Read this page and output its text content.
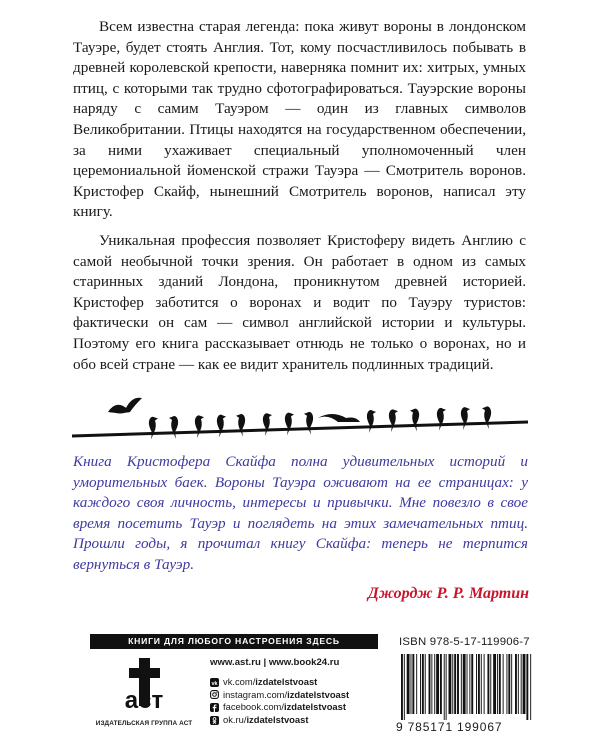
Всем известна старая легенда: пока живут вороны в лондонском Тауэре, будет стоять Англия. Тот, кому посчастливилось побывать в древней королевской крепости, наверняка помнит их: хитрых, умных птиц, с которыми так трудно сфотографироваться. Тауэрские вороны наряду с самим Тауэром — один из главных символов Великобритании. Птицы находятся на государственном обеспечении, за ними ухаживает специальный уполномоченный член церемониальной йоменской стражи Тауэра — Смотритель воронов. Кристофер Скайф, нынешний Смотритель воронов, написал эту книгу.

Уникальная профессия позволяет Кристоферу видеть Англию с самой необычной точки зрения. Он работает в одном из самых старинных зданий Лондона, проникнутом древней историей. Кристофер заботится о воронах и водит по Тауэру туристов: фактически он сам — символ английской истории и культуры. Поэтому его книга рассказывает отнюдь не только о воронах, но и обо всей стране — как ее видит хранитель подлинных традиций.

Книга Кристофера Скайфа полна удивительных историй и уморительных баек. Вороны Тауэра оживают на ее страницах: у каждого своя личность, интересы и привычки. Мне повезло в свое время посетить Тауэр и поглядеть на этих замечательных птиц. Прошли годы, я прочитал книгу Скайфа: теперь не терпится вернуться в Тауэр.

Джордж Р. Р. Мартин

КНИГИ ДЛЯ ЛЮБОГО НАСТРОЕНИЯ ЗДЕСЬ
аст
ИЗДАТЕЛЬСКАЯ ГРУППА АСТ
www.ast.ru | www.book24.ru
vk vk.com/ izdatelstvoast
instagram.com/ izdatelstvoast
facebook.com/ izdatelstvoast
ok.ru/ izdatelstvoast
ISBN 978-5-17-119906-7
9 785171 199067
